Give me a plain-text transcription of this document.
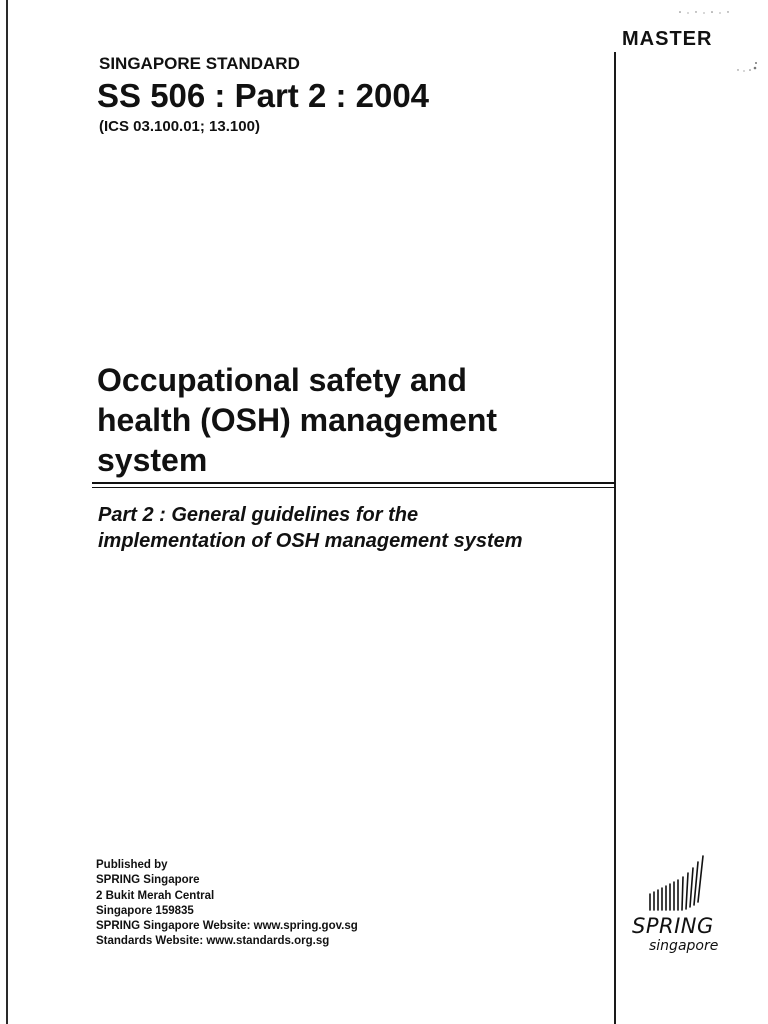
MASTER
SINGAPORE STANDARD
SS 506 : Part 2 : 2004
(ICS 03.100.01; 13.100)
Occupational safety and
health (OSH) management
system
Part 2 : General guidelines for the
implementation of OSH management system
Published by
SPRING Singapore
2 Bukit Merah Central
Singapore 159835
SPRING Singapore Website: www.spring.gov.sg
Standards Website: www.standards.org.sg
SPRING
singapore
